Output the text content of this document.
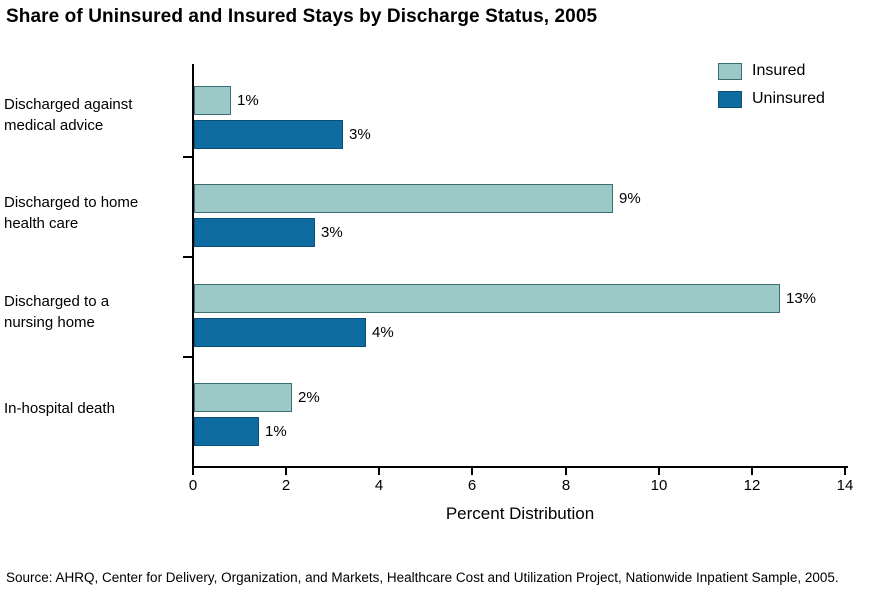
Share of Uninsured and Insured Stays by Discharge Status, 2005
0	2	4	6	8	10	12	14
1%
3%
9%
3%
13%
4%
2%
1%
Discharged against
medical advice
Discharged to home
health care
Discharged to a
nursing home
In-hospital death
Percent Distribution
Insured
Uninsured
Source: AHRQ, Center for Delivery, Organization, and Markets, Healthcare Cost and Utilization Project, Nationwide Inpatient Sample, 2005.
